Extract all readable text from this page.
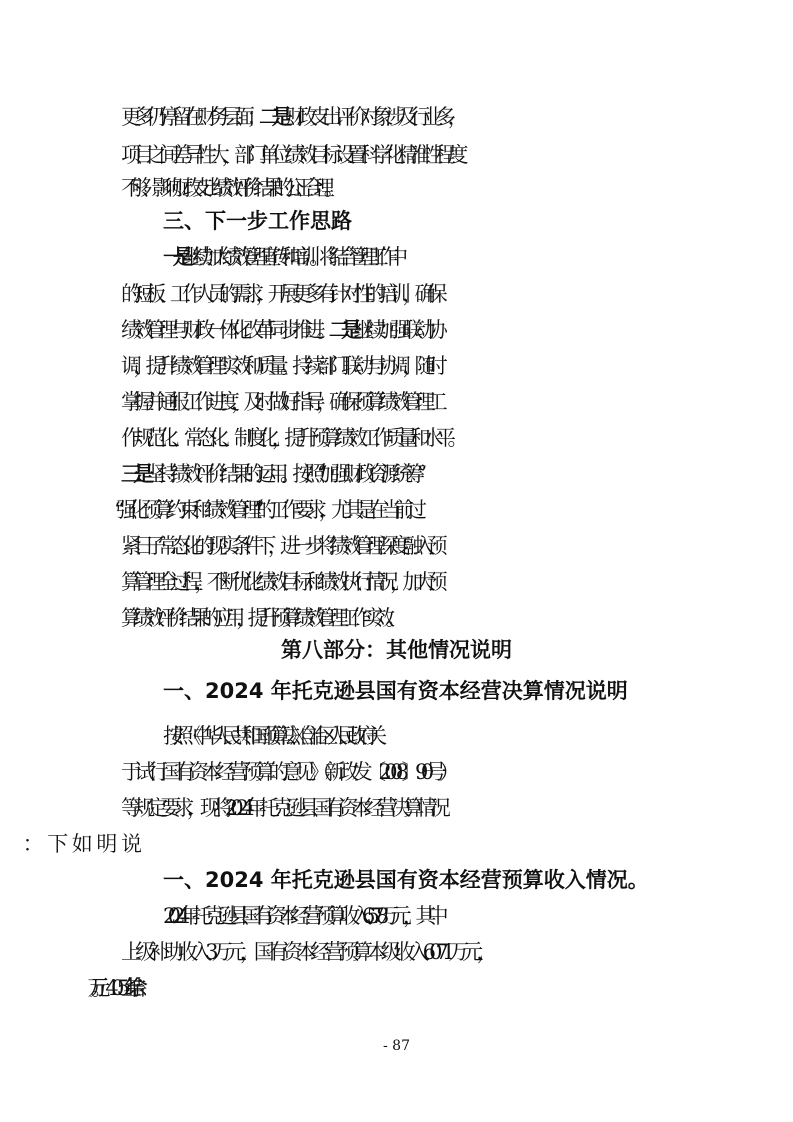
更多仍停留在财务层面；二是财政支出评价对象涉及行业多，
项目之间差异性大，部门单位绩效目标设置科学化精准性程度
不够、影响财政支出绩效评价结果的公正合理。
三、下一步工作思路
一是继续加大绩效管理宣传和培训。将结合管理工作中
的短板、工作人员的需求，开展更多有针对性的培训，确保
绩效管理与财政一体化改革同步推进。二是继续加强联动协
调，提升绩效管理实效和质量。持续部门联动与协调，随时
掌握并通报工作进度，及时做好指导，确保预算绩效管理工
作规范化、常态化、制度化，提升预算绩效工作质量和水平。
三是坚持绩效评价结果的运用。按照“加强财政资源统筹”
“强化预算约束和绩效管理”的工作要求，尤其是在当前过
紧日子常态化的现实条件下，进一步将绩效管理深度融入预
算管理全过程，不断优化绩效目标和绩效执行情况，加大预
算绩效评价结果的应用，提升预算绩效管理工作实效。
第八部分：其他情况说明
一、2024 年托克逊县国有资本经营决算情况说明
按照《中华人民共和国预算法》、《自治区人民政府关
于试行国有资本经营预算的意见》（新政发〔2008〕90 号）
等规定要求，现将 2024 年托克逊县国有资本经营决算情况
一、2024 年托克逊县国有资本经营预算收入情况。
2024 年托克逊县国有资本经营预算收入 6578 万元，其中
上级补助收入 3 万元，国有资本经营预算本级收入 6071 万元，
- 87
